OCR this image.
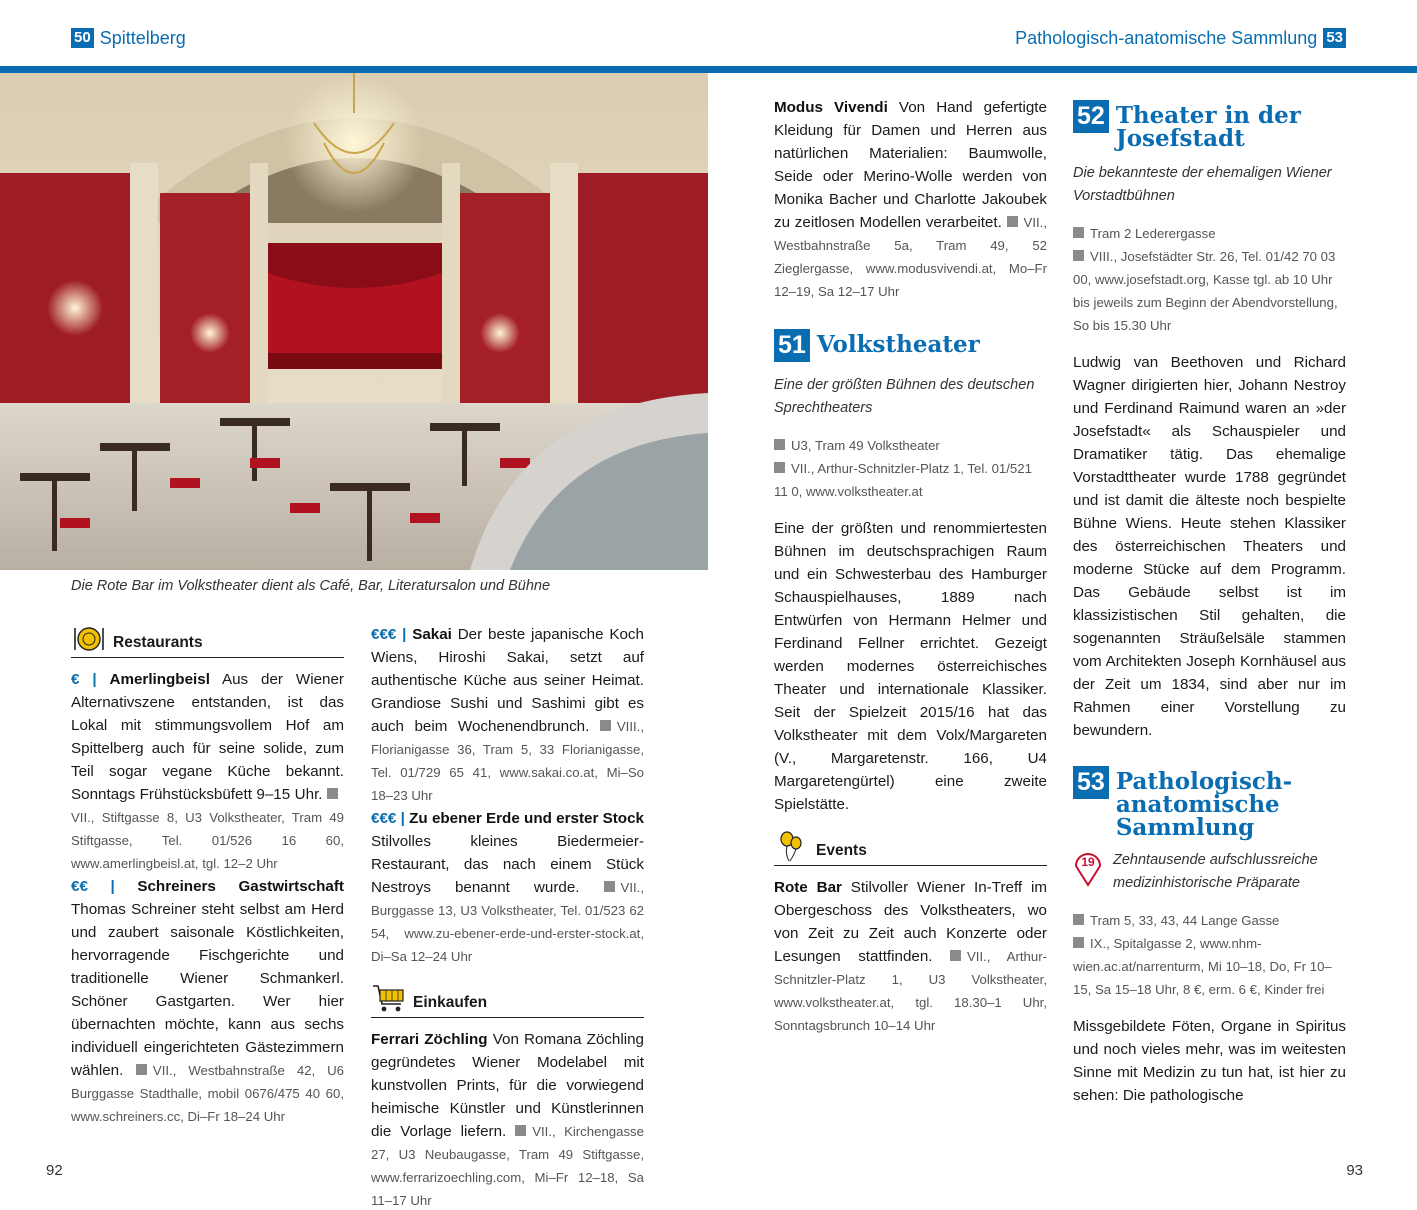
50 Spittelberg	Pathologisch-anatomische Sammlung 53
Die Rote Bar im Volkstheater dient als Café, Bar, Literatursalon und Bühne
Restaurants

€ | Amerlingbeisl Aus der Wiener Alternativszene entstanden, ist das Lokal mit stimmungsvollem Hof am Spittelberg auch für seine solide, zum Teil sogar vegane Küche bekannt. Sonntags Frühstücksbüfett 9–15 Uhr. VII., Stiftgasse 8, U3 Volkstheater, Tram 49 Stiftgasse, Tel. 01/526 16 60, www.amerlingbeisl.at, tgl. 12–2 Uhr

€€ | Schreiners Gastwirtschaft Thomas Schreiner steht selbst am Herd und zaubert saisonale Köstlichkeiten, hervorragende Fischgerichte und traditionelle Wiener Schmankerl. Schöner Gastgarten. Wer hier übernachten möchte, kann aus sechs individuell eingerichteten Gästezimmern wählen. VII., Westbahnstraße 42, U6 Burggasse Stadthalle, mobil 0676/475 40 60, www.schreiners.cc, Di–Fr 18–24 Uhr

€€€ | Sakai Der beste japanische Koch Wiens, Hiroshi Sakai, setzt auf authentische Küche aus seiner Heimat. Grandiose Sushi und Sashimi gibt es auch beim Wochenendbrunch. VIII., Florianigasse 36, Tram 5, 33 Florianigasse, Tel. 01/729 65 41, www.sakai.co.at, Mi–So 18–23 Uhr

€€€ | Zu ebener Erde und erster Stock Stilvolles kleines Biedermeier-Restaurant, das nach einem Stück Nestroys benannt wurde.	VII., Burggasse 13, U3 Volkstheater, Tel. 01/523 62 54, www.zu-ebener-erde-und-erster-stock.at, Di–Sa 12–24 Uhr

Einkaufen

Ferrari Zöchling Von Romana Zöchling gegründetes Wiener Modelabel mit kunstvollen Prints, für die vorwiegend heimische Künstler und Künstlerinnen die Vorlage liefern. VII., Kirchengasse 27, U3 Neubaugasse, Tram 49 Stiftgasse, www.ferrarizoechling.com, Mi–Fr 12–18, Sa 11–17 Uhr

Modus Vivendi Von Hand gefertigte Kleidung für Damen und Herren aus natürlichen Materialien: Baumwolle, Seide oder Merino-Wolle werden von Monika Bacher und Charlotte Jakoubek zu zeitlosen Modellen verarbeitet. VII., Westbahnstraße 5a, Tram 49, 52 Zieglergasse, www.modusvivendi.at, Mo–Fr 12–19, Sa 12–17 Uhr

51 Volkstheater

Eine der größten Bühnen des deutschen Sprechtheaters

U3, Tram 49 Volkstheater

VII., Arthur-Schnitzler-Platz 1, Tel. 01/521 11 0, www.volkstheater.at

Eine der größten und renommiertesten Bühnen im deutschsprachigen Raum und ein Schwesterbau des Hamburger Schauspielhauses, 1889 nach Entwürfen von Hermann Helmer und Ferdinand Fellner errichtet. Gezeigt werden modernes österreichisches Theater und internationale Klassiker. Seit der Spielzeit 2015/16 hat das Volkstheater mit dem Volx/Margareten (V., Margaretenstr. 166, U4 Margaretengürtel) eine zweite Spielstätte.

Events

Rote Bar Stilvoller Wiener In-Treff im Obergeschoss des Volkstheaters, wo von Zeit zu Zeit auch Konzerte oder Lesungen stattfinden.	VII., Arthur-Schnitzler-Platz 1, U3 Volkstheater, www.volkstheater.at, tgl. 18.30–1 Uhr, Sonntagsbrunch 10–14 Uhr

52 Theater in der
Josefstadt

Die bekannteste der ehemaligen Wiener Vorstadtbühnen

Tram 2 Lederergasse

VIII., Josefstädter Str. 26, Tel. 01/42 70 03 00, www.josefstadt.org, Kasse tgl. ab 10 Uhr bis jeweils zum Beginn der Abendvorstellung, So bis 15.30 Uhr

Ludwig van Beethoven und Richard Wagner dirigierten hier, Johann Nestroy und Ferdinand Raimund waren an »der Josefstadt« als Schauspieler und Dramatiker tätig. Das ehemalige Vorstadttheater wurde 1788 gegründet und ist damit die älteste noch bespielte Bühne Wiens. Heute stehen Klassiker des österreichischen Theaters und moderne Stücke auf dem Programm. Das Gebäude selbst ist im klassizistischen Stil gehalten, die sogenannten Sträußelsäle stammen vom Architekten Joseph Kornhäusel aus der Zeit um 1834, sind aber nur im Rahmen einer Vorstellung zu bewundern.

53 Pathologisch-
anatomische
Sammlung
19 Zehntausende aufschlussreiche medizinhistorische Präparate

Tram 5, 33, 43, 44 Lange Gasse

IX., Spitalgasse 2, www.nhm-wien.ac.at/narrenturm, Mi 10–18, Do, Fr 10–15, Sa 15–18 Uhr, 8 €, erm. 6 €, Kinder frei

Missgebildete Föten, Organe in Spiritus und noch vieles mehr, was im weitesten Sinne mit Medizin zu tun hat, ist hier zu sehen: Die pathologische

92	93
